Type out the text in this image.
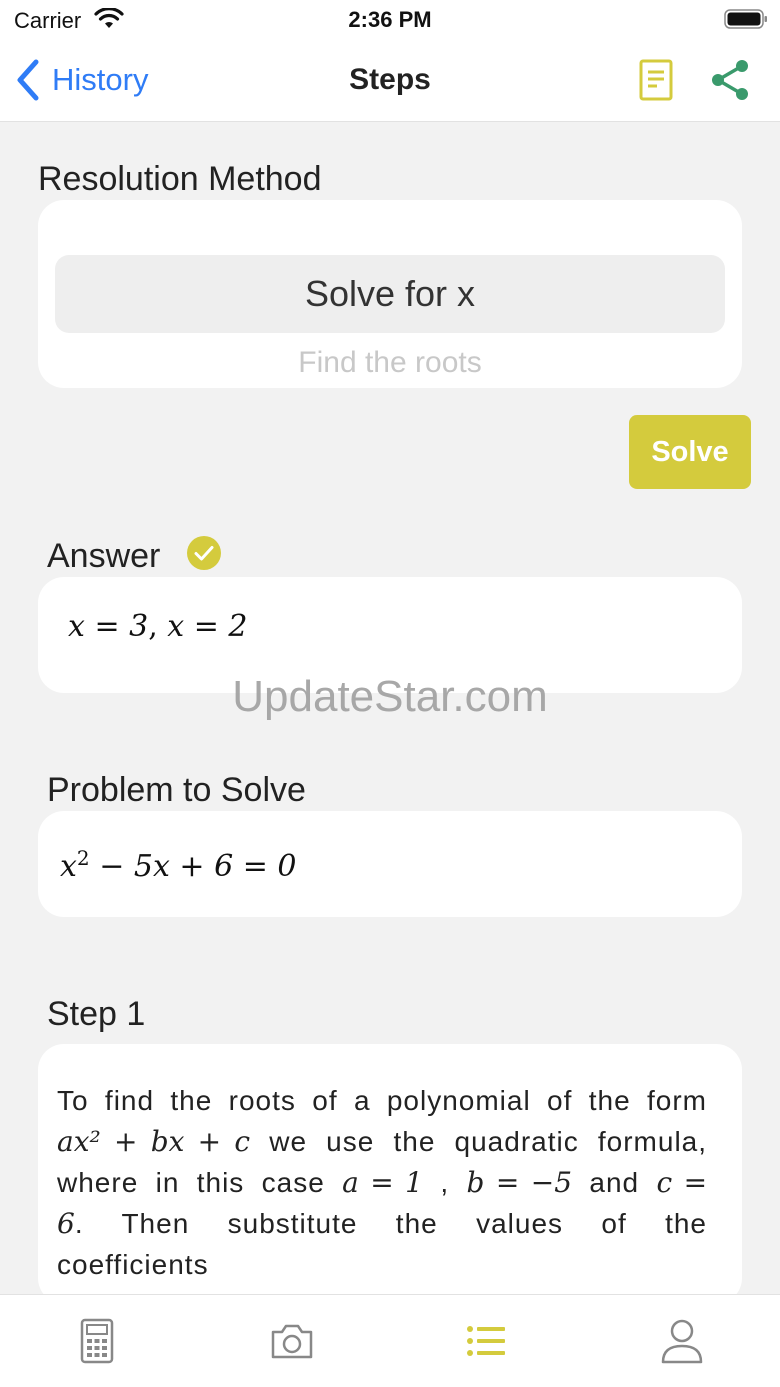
Carrier	2:36 PM
History	Steps
Resolution Method
Solve for x
Find the roots
Solve
Answer
x = 3, x = 2
UpdateStar.com
Problem to Solve
$x^2 - 5x + 6 = 0$
Step 1
To find the roots of a polynomial of the form ax² + bx + c we use the quadratic formula, where in this case a = 1 , b = −5 and c = 6. Then substitute the values of the coefficients
